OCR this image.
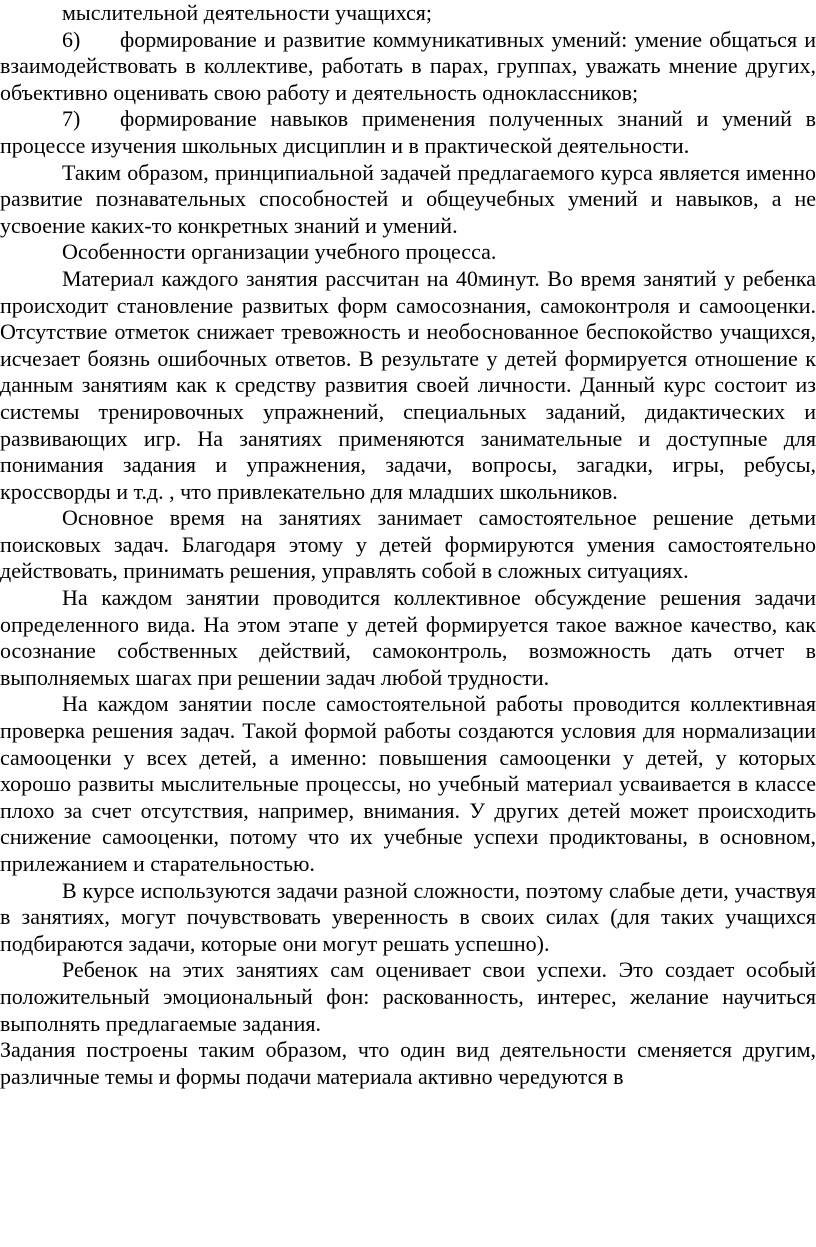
мыслительной деятельности учащихся;

6) формирование и развитие коммуникативных умений: умение общаться и взаимодействовать в коллективе, работать в парах, группах, уважать мнение других, объективно оценивать свою работу и деятельность одноклассников;

7) формирование навыков применения полученных знаний и умений в процессе изучения школьных дисциплин и в практической деятельности.

Таким образом, принципиальной задачей предлагаемого курса является именно развитие познавательных способностей и общеучебных умений и навыков, а не усвоение каких-то конкретных знаний и умений.

Особенности организации учебного процесса.

Материал каждого занятия рассчитан на 40минут. Во время занятий у ребенка происходит становление развитых форм самосознания, самоконтроля и самооценки. Отсутствие отметок снижает тревожность и необоснованное беспокойство учащихся, исчезает боязнь ошибочных ответов. В результате у детей формируется отношение к данным занятиям как к средству развития своей личности. Данный курс состоит из системы тренировочных упражнений, специальных заданий, дидактических и развивающих игр. На занятиях применяются занимательные и доступные для понимания задания и упражнения, задачи, вопросы, загадки, игры, ребусы, кроссворды и т.д. , что привлекательно для младших школьников.

Основное время на занятиях занимает самостоятельное решение детьми поисковых задач. Благодаря этому у детей формируются умения самостоятельно действовать, принимать решения, управлять собой в сложных ситуациях.

На каждом занятии проводится коллективное обсуждение решения задачи определенного вида. На этом этапе у детей формируется такое важное качество, как осознание собственных действий, самоконтроль, возможность дать отчет в выполняемых шагах при решении задач любой трудности.

На каждом занятии после самостоятельной работы проводится коллективная проверка решения задач. Такой формой работы создаются условия для нормализации самооценки у всех детей, а именно: повышения самооценки у детей, у которых хорошо развиты мыслительные процессы, но учебный материал усваивается в классе плохо за счет отсутствия, например, внимания. У других детей может происходить снижение самооценки, потому что их учебные успехи продиктованы, в основном, прилежанием и старательностью.

В курсе используются задачи разной сложности, поэтому слабые дети, участвуя в занятиях, могут почувствовать уверенность в своих силах (для таких учащихся подбираются задачи, которые они могут решать успешно).

Ребенок на этих занятиях сам оценивает свои успехи. Это создает особый положительный эмоциональный фон: раскованность, интерес, желание научиться выполнять предлагаемые задания.

Задания построены таким образом, что один вид деятельности сменяется другим, различные темы и формы подачи материала активно чередуются в
